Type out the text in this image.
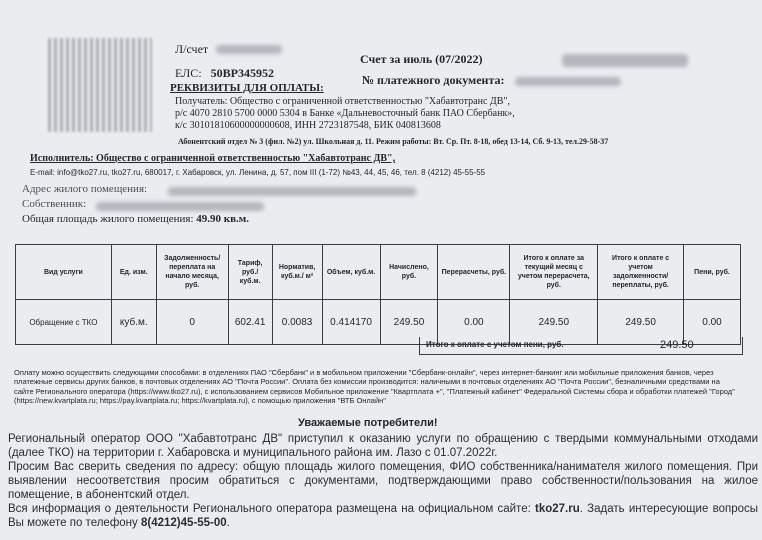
Л/счет
Счет за июль (07/2022)
ЕЛС: 50ВР345952	№ платежного документа:
РЕКВИЗИТЫ ДЛЯ ОПЛАТЫ:
Получатель: Общество с ограниченной ответственностью "Хабавтотранс ДВ",
р/с 4070 2810 5700 0000 5304 в Банке «Дальневосточный банк ПАО Сбербанк»,
к/с 30101810600000000608, ИНН 2723187548, БИК 040813608
Абонентский отдел № 3 (фил. №2) ул. Школьная д. 11. Режим работы: Вт. Ср. Пт. 8-18, обед 13-14, Сб. 9-13, тел.29-58-37
Исполнитель: Общество с ограниченной ответственностью "Хабавтотранс ДВ",
E-mail: info@tko27.ru, tko27.ru, 680017, г. Хабаровск, ул. Ленина, д. 57, пом III (1-72) №43, 44, 45, 46, тел. 8 (4212) 45-55-55
Адрес жилого помещения:
Собственник:
Общая площадь жилого помещения: 49.90 кв.м.
Вид услуги	Ед. изм.	Задолженность/ переплата на начало месяца, руб.	Тариф, руб./ куб.м.	Норматив, куб.м./ м²	Объем, куб.м.	Начислено, руб.	Перерасчеты, руб.	Итого к оплате за текущий месяц с учетом перерасчета, руб.	Итого к оплате с учетом задолженности/ переплаты, руб.	Пени, руб.
Обращение с ТКО	куб.м.	0	602.41	0.0083	0.414170	249.50	0.00	249.50	249.50	0.00
Итого к оплате с учетом пени, руб.	249.50
Оплату можно осуществить следующими способами: в отделениях ПАО "Сбербанк" и в мобильном приложении "Сбербанк-онлайн", через интернет-банкинг или мобильные приложения банков, через платежные сервисы других банков, в почтовых отделениях АО "Почта России". Оплата без комиссии производится: наличными в почтовых отделениях АО "Почта России", безналичными средствами на сайте Регионального оператора (https://www.tko27.ru), с использованием сервисов Мобильное приложение "Квартплата +", "Платежный кабинет" Федеральной Системы сбора и обработки платежей "Город" (https://new.kvartplata.ru; https://pay.kvartplata.ru; https://kvartplata.ru), с помощью приложения "ВТБ Онлайн"
Уважаемые потребители!

Региональный оператор ООО "Хабавтотранс ДВ" приступил к оказанию услуги по обращению с твердыми коммунальными отходами (далее ТКО) на территории г. Хабаровска и муниципального района им. Лазо с 01.07.2022г.

Просим Вас сверить сведения по адресу: общую площадь жилого помещения, ФИО собственника/нанимателя жилого помещения. При выявлении несоответствия просим обратиться с документами, подтверждающими право собственности/пользования на жилое помещение, в абонентский отдел.

Вся информация о деятельности Регионального оператора размещена на официальном сайте: tko27.ru. Задать интересующие вопросы Вы можете по телефону 8(4212)45-55-00.
